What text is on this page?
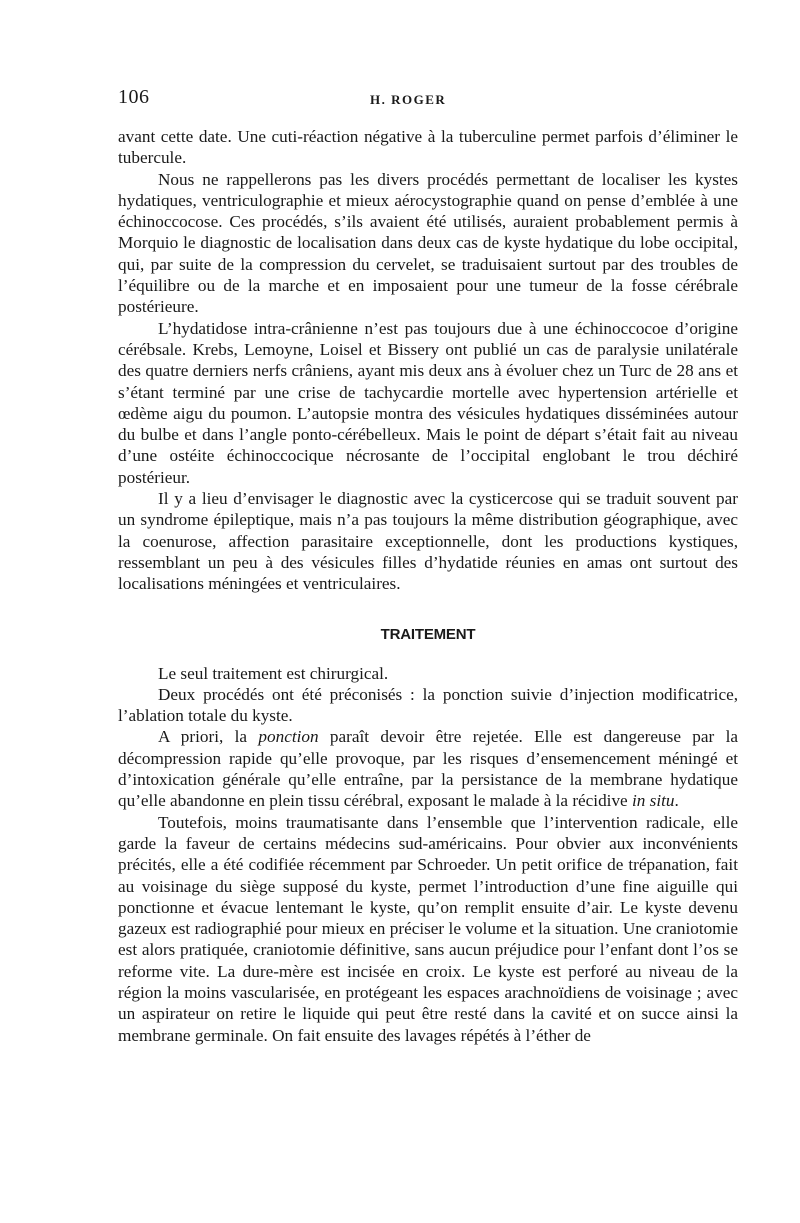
106	H. ROGER

avant cette date. Une cuti-réaction négative à la tuberculine permet parfois d’éliminer le tubercule.

Nous ne rappellerons pas les divers procédés permettant de localiser les kystes hydatiques, ventriculographie et mieux aérocystographie quand on pense d’emblée à une échinoccocose. Ces procédés, s’ils avaient été utilisés, auraient probablement permis à Morquio le diagnostic de localisation dans deux cas de kyste hydatique du lobe occipital, qui, par suite de la compression du cervelet, se traduisaient surtout par des troubles de l’équilibre ou de la marche et en imposaient pour une tumeur de la fosse cérébrale postérieure.

L’hydatidose intra-crânienne n’est pas toujours due à une échinoccocoe d’origine cérébsale. Krebs, Lemoyne, Loisel et Bissery ont publié un cas de paralysie unilatérale des quatre derniers nerfs crâniens, ayant mis deux ans à évoluer chez un Turc de 28 ans et s’étant terminé par une crise de tachycardie mortelle avec hypertension artérielle et œdème aigu du poumon. L’autopsie montra des vésicules hydatiques disséminées autour du bulbe et dans l’angle ponto-cérébelleux. Mais le point de départ s’était fait au niveau d’une ostéite échinoccocique nécrosante de l’occipital englobant le trou déchiré postérieur.

Il y a lieu d’envisager le diagnostic avec la cysticercose qui se traduit souvent par un syndrome épileptique, mais n’a pas toujours la même distribution géographique, avec la coenurose, affection parasitaire exceptionnelle, dont les productions kystiques, ressemblant un peu à des vésicules filles d’hydatide réunies en amas ont surtout des localisations méningées et ventriculaires.

TRAITEMENT

Le seul traitement est chirurgical.

Deux procédés ont été préconisés : la ponction suivie d’injection modificatrice, l’ablation totale du kyste.

A priori, la ponction paraît devoir être rejetée. Elle est dangereuse par la décompression rapide qu’elle provoque, par les risques d’ensemencement méningé et d’intoxication générale qu’elle entraîne, par la persistance de la membrane hydatique qu’elle abandonne en plein tissu cérébral, exposant le malade à la récidive in situ.

Toutefois, moins traumatisante dans l’ensemble que l’intervention radicale, elle garde la faveur de certains médecins sud-américains. Pour obvier aux inconvénients précités, elle a été codifiée récemment par Schroeder. Un petit orifice de trépanation, fait au voisinage du siège supposé du kyste, permet l’introduction d’une fine aiguille qui ponctionne et évacue lentemant le kyste, qu’on remplit ensuite d’air. Le kyste devenu gazeux est radiographié pour mieux en préciser le volume et la situation. Une craniotomie est alors pratiquée, craniotomie définitive, sans aucun préjudice pour l’enfant dont l’os se reforme vite. La dure-mère est incisée en croix. Le kyste est perforé au niveau de la région la moins vascularisée, en protégeant les espaces arachnoïdiens de voisinage ; avec un aspirateur on retire le liquide qui peut être resté dans la cavité et on succe ainsi la membrane germinale. On fait ensuite des lavages répétés à l’éther de
